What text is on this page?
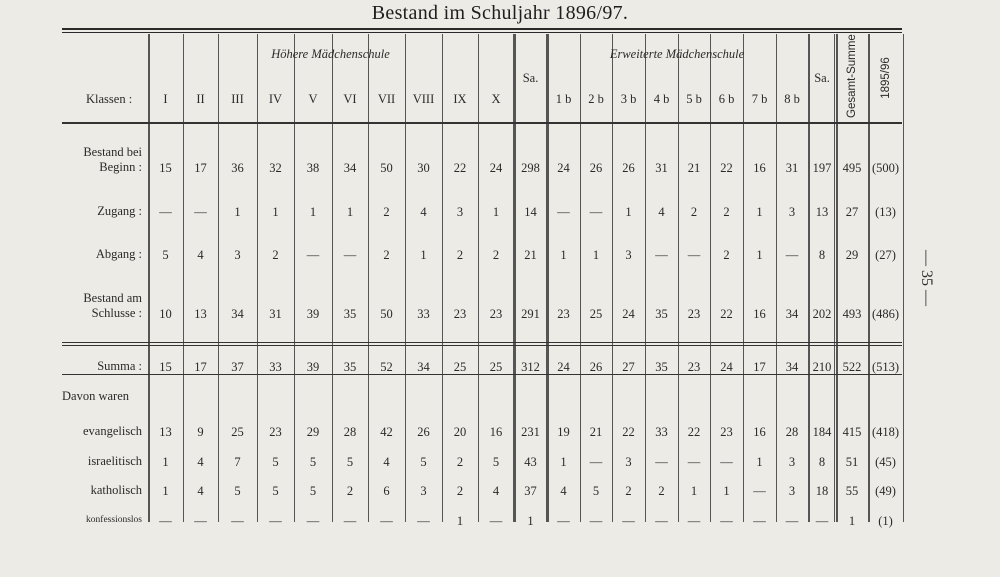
Bestand im Schuljahr 1896/97.
Höhere Mädchenschule	Erweiterte Mädchenschule
Klassen :	I	II	III	IV	V	VI	VII	VIII	IX	X
Sa.
1 b	2 b	3 b	4 b	5 b	6 b	7 b	8 b
Sa.	Gesamt-Summe 1895/96
Bestand bei
Beginn :	15	17	36	32	38	34	50	30	22	24	298	24	26	26	31	21	22	16	31	197 495 (500)
Zugang :	—	—	1	1	1	1	2	4	3	1	14	—	—	1	4	2	2	1	3	13	27	(13)
Abgang :	5	4	3	2	—	—	2	1	2	2	21	1	1	3	—	—	2	1	—	8	29	(27)
Bestand am
Schlusse :	10	13	34	31	39	35	50	33	23	23	291	23	25	24	35	23	22	16	34	202 493 (486)
Summa :	15	17	37	33	39	35	52	34	25	25	312	24	26	27	35	23	24	17	34	210 522 (513)
evangelisch	13	9	25	23	29	28	42	26	20	16	231	19	21	22	33	22	23	16	28	184 415 (418)
israelitisch	1	4	7	5	5	5	4	5	2	5	43	1	—	3	—	—	—	1	3	8	51	(45)
katholisch	1	4	5	5	5	2	6	3	2	4	37	4	5	2	2	1	1	—	3	18	55	(49)
konfessionslos	—	—	—	—	—	—	—	—	1	—	1	—	—	—	—	—	—	—	—	—	1	(1)
Davon waren
— 35 —
